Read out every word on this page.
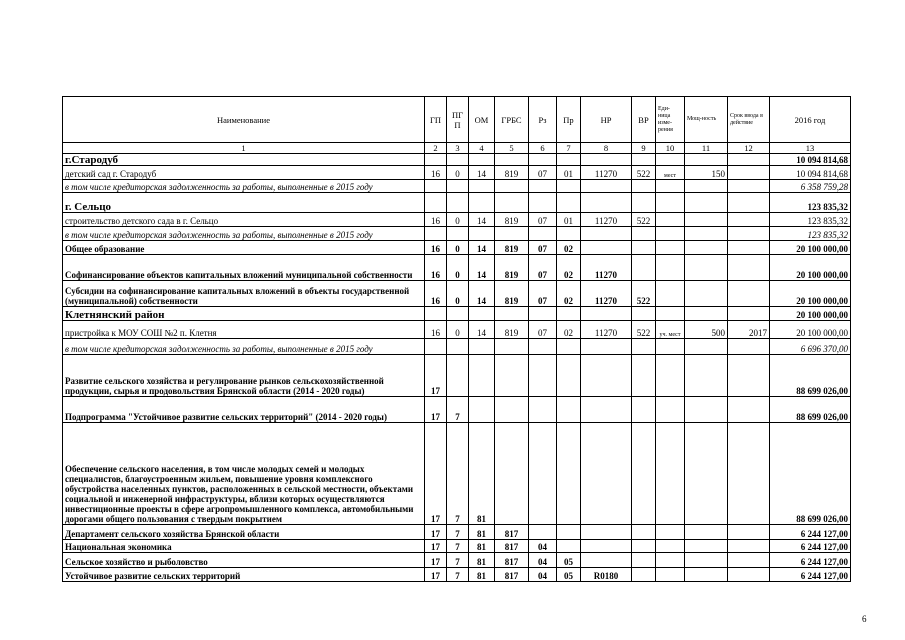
Наименование	ГП	ПГП	ОМ	ГРБС	Рз	Пр	НР	ВР	Еди-ница изме-рения	Мощ-ность	Срок ввода в действие	2016 год
1	2	3	4	5	6	7	8	9	10	11	12	13
г.Стародуб												10 094 814,68
детский сад г. Стародуб	16	0	14	819	07	01	11270	522	мест	150		10 094 814,68
в том числе кредиторская задолженность за работы, выполненные в 2015 году												6 358 759,28
г. Сельцо												123 835,32
строительство детского сада в г. Сельцо	16	0	14	819	07	01	11270	522				123 835,32
в том числе кредиторская задолженность за работы, выполненные в 2015 году												123 835,32
Общее образование	16	0	14	819	07	02						20 100 000,00
Софинансирование объектов капитальных вложений муниципальной собственности	16	0	14	819	07	02	11270					20 100 000,00
Субсидии на софинансирование капитальных вложений в объекты государственной (муниципальной) собственности	16	0	14	819	07	02	11270	522				20 100 000,00
Клетнянский район												20 100 000,00
пристройка к МОУ СОШ №2 п. Клетня	16	0	14	819	07	02	11270	522	уч. мест	500	2017	20 100 000,00
в том числе кредиторская задолженность за работы, выполненные в 2015 году												6 696 370,00
Развитие сельского хозяйства и регулирование рынков сельскохозяйственной продукции, сырья и продовольствия Брянской области (2014 - 2020 годы)	17											88 699 026,00
Подпрограмма "Устойчивое развитие сельских территорий" (2014 - 2020 годы)	17	7										88 699 026,00
Обеспечение сельского населения, в том числе молодых семей и молодых специалистов, благоустроенным жильем, повышение уровня комплексного обустройства населенных пунктов, расположенных в сельской местности, объектами социальной и инженерной инфраструктуры, вблизи которых осуществляются инвестиционные проекты в сфере агропромышленного комплекса, автомобильными дорогами общего пользования с твердым покрытием	17	7	81									88 699 026,00
Департамент сельского хозяйства Брянской области	17	7	81	817								6 244 127,00
Национальная экономика	17	7	81	817	04							6 244 127,00
Сельское хозяйство и рыболовство	17	7	81	817	04	05						6 244 127,00
Устойчивое развитие сельских территорий	17	7	81	817	04	05	R0180					6 244 127,00
6
